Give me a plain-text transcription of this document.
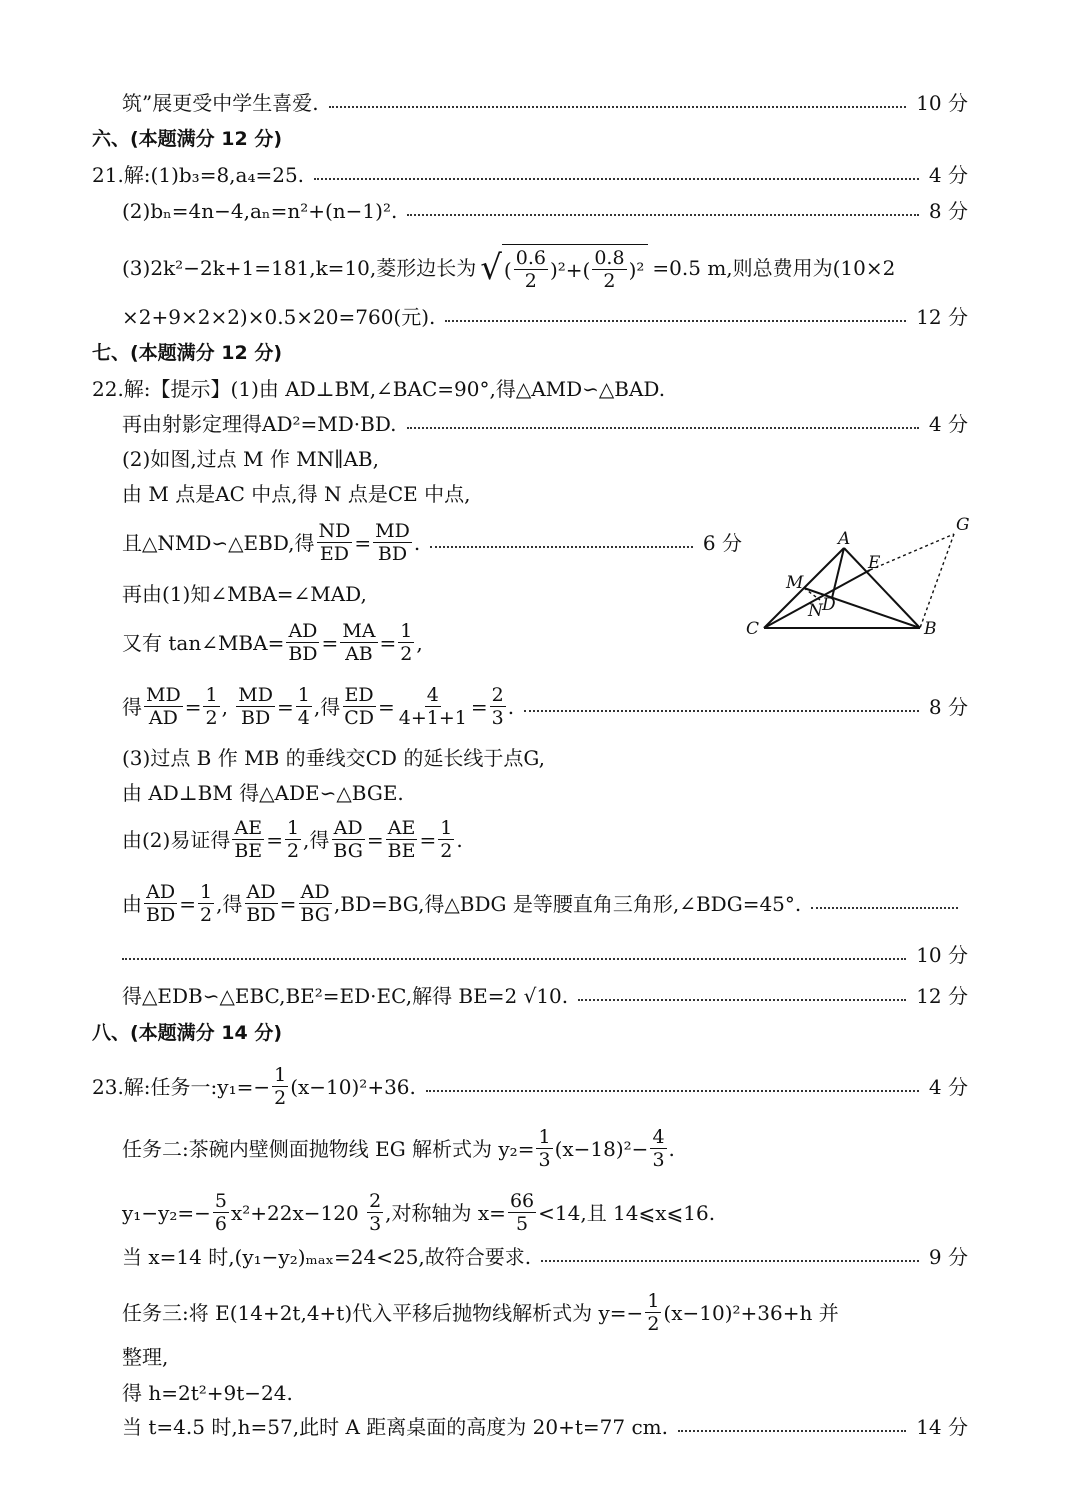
筑”展更受中学生喜爱.	10 分
六、(本题满分 12 分)
21.解:(1)b₃=8,a₄=25.	4 分
(2)bₙ=4n−4,aₙ=n²+(n−1)².	8 分
(3)2k²−2k+1=181,k=10,菱形边长为 √ ( $\frac{0.6}{2} )^2+( \frac{0.8}{2} )^2 =0.5$ m,则总费用为(10×2
×2+9×2×2)×0.5×20=760(元).	12 分
七、(本题满分 12 分)
22.解:【提示】(1)由 AD⊥BM,∠BAC=90°,得△AMD∽△BAD.
再由射影定理得AD²=MD·BD.	4 分
(2)如图,过点 M 作 MN∥AB,
由 M 点是AC 中点,得 N 点是CE 中点,
且△NMD∽△EBD,得 $\frac{ND}{ED} = \frac{MD}{BD}$ .	6 分
再由(1)知∠MBA=∠MAD,
又有 tan∠MBA= $\frac{AD}{BD} = \frac{MA}{AB} = \frac{1}{2}$ ,
得 $\frac{MD}{AD} = \frac{1}{2}$ , $\frac{MD}{BD} = \frac{1}{4}$ ,得 $\frac{ED}{CD} = \frac{4}{4+1+1} = \frac{2}{3}$ .	8 分
(3)过点 B 作 MB 的垂线交CD 的延长线于点G,
由 AD⊥BM 得△ADE∽△BGE.
由(2)易证得 $\frac{AE}{BE} = \frac{1}{2}$ ,得 $\frac{AD}{BG} = \frac{AE}{BE} = \frac{1}{2}$ .
由 $\frac{AD}{BD} = \frac{1}{2}$ ,得 $\frac{AD}{BD} = \frac{AD}{BG} ,BD=BG$,得△BDG 是等腰直角三角形,∠BDG=45°.
10 分
得△EDB∽△EBC,BE²=ED·EC,解得 BE=2 √10.	12 分
八、(本题满分 14 分)
23.解:任务一:y₁=− $\frac{1}{2} (x-10)^2+36$.	4 分
任务二:茶碗内壁侧面抛物线 EG 解析式为 $y_2= \frac{1}{3} (x-18)^2- \frac{4}{3}$ .
$y_1-y_2=- \frac{5}{6} x^2+22x-120$
$\frac{2}{3}$ ,对称轴为 $x= \frac{66}{5} <14$,且 14⩽x⩽16.
当 x=14 时,(y₁−y₂)ₘₐₓ=24<25,故符合要求.	9 分
任务三:将 E(14+2t,4+t)代入平移后抛物线解析式为 $y=- \frac{1}{2} (x-10)^2+36+h$ 并
整理,
得 h=2t²+9t−24.
当 t=4.5 时,h=57,此时 A 距离桌面的高度为 20+t=77 cm.	14 分
A
G
E
M
N D
C	B
